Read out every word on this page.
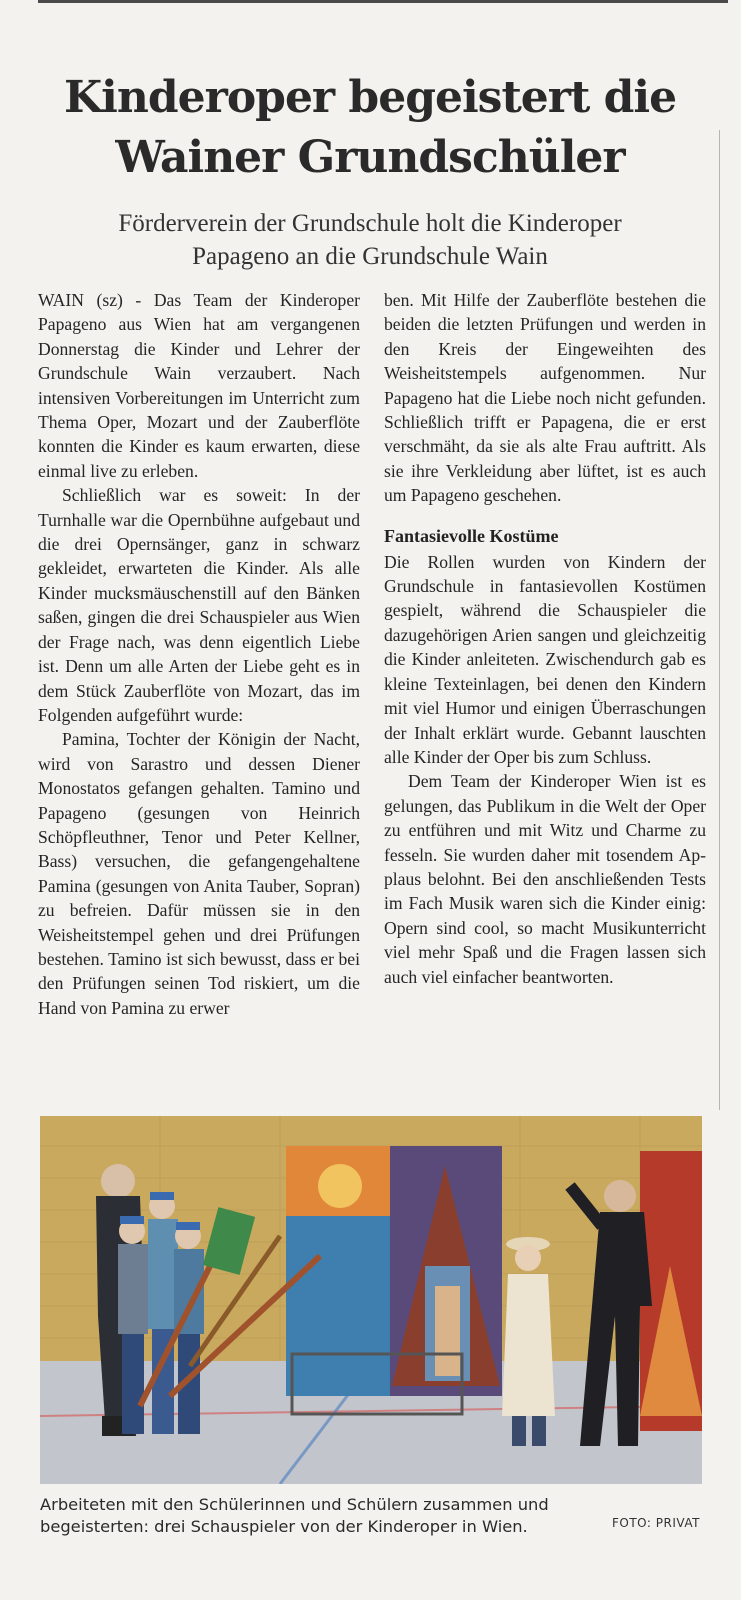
Kinderoper begeistert die
Wainer Grundschüler
Förderverein der Grundschule holt die Kinderoper
Papageno an die Grundschule Wain

WAIN (sz) - Das Team der Kinderoper Papageno aus Wien hat am vergangenen Donnerstag die Kinder und Lehrer der Grundschule Wain verzaubert. Nach intensiven Vorbereitungen im Unterricht zum Thema Oper, Mozart und der Zauberflöte konnten die Kinder es kaum erwarten, diese einmal live zu erleben.

Schließlich war es soweit: In der Turnhalle war die Opernbühne aufgebaut und die drei Opernsänger, ganz in schwarz gekleidet, erwarteten die Kinder. Als alle Kinder mucksmäuschenstill auf den Bänken saßen, gingen die drei Schauspieler aus Wien der Frage nach, was denn eigentlich Liebe ist. Denn um alle Arten der Liebe geht es in dem Stück Zauberflöte von Mozart, das im Folgenden aufgeführt wurde:

Pamina, Tochter der Königin der Nacht, wird von Sarastro und dessen Diener Monostatos gefangen gehalten. Tamino und Papageno (gesungen von Heinrich Schöpfleuthner, Tenor und Peter Kellner, Bass) versuchen, die gefangengehaltene Pamina (gesungen von Anita Tauber, Sopran) zu befreien. Dafür müssen sie in den Weisheitstempel gehen und drei Prüfungen bestehen. Tamino ist sich bewusst, dass er bei den Prüfungen seinen Tod riskiert, um die Hand von Pamina zu erwer

ben. Mit Hilfe der Zauberflöte bestehen die beiden die letzten Prüfungen und werden in den Kreis der Eingeweihten des Weisheitstempels aufgenommen. Nur Papageno hat die Liebe noch nicht gefunden. Schließlich trifft er Papagena, die er erst verschmäht, da sie als alte Frau auftritt. Als sie ihre Verkleidung aber lüftet, ist es auch um Papageno geschehen.

Fantasievolle Kostüme

Die Rollen wurden von Kindern der Grundschule in fantasievollen Kostümen gespielt, während die Schauspieler die dazugehörigen Arien sangen und gleichzeitig die Kinder anleiteten. Zwischendurch gab es kleine Texteinlagen, bei denen den Kindern mit viel Humor und einigen Überraschungen der Inhalt erklärt wurde. Gebannt lauschten alle Kinder der Oper bis zum Schluss.

Dem Team der Kinderoper Wien ist es gelungen, das Publikum in die Welt der Oper zu entführen und mit Witz und Charme zu fesseln. Sie wurden daher mit tosendem Applaus belohnt. Bei den anschließenden Tests im Fach Musik waren sich die Kinder einig: Opern sind cool, so macht Musikunterricht viel mehr Spaß und die Fragen lassen sich auch viel einfacher beantworten.

Arbeiteten mit den Schülerinnen und Schülern zusammen und begeisterten: drei Schauspieler von der Kinderoper in Wien.	FOTO: PRIVAT
